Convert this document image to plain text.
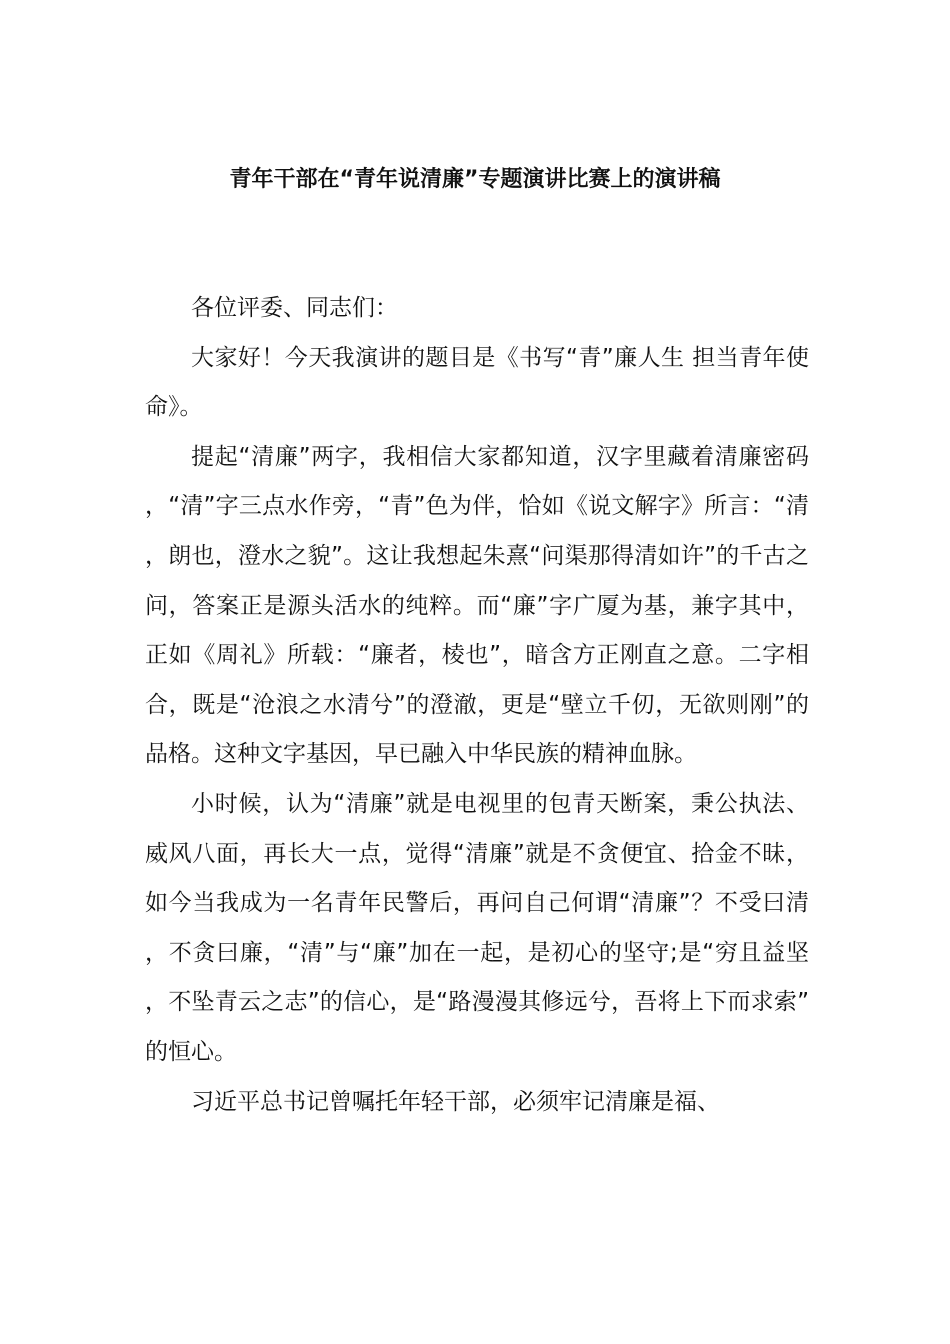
青年干部在“青年说清廉”专题演讲比赛上的演讲稿

各位评委、同志们：

大家好！今天我演讲的题目是《书写“青”廉人生 担当青年使命》。

提起“清廉”两字，我相信大家都知道，汉字里藏着清廉密码，“清”字三点水作旁，“青”色为伴，恰如《说文解字》所言：“清，朗也，澄水之貌”。这让我想起朱熹“问渠那得清如许”的千古之问，答案正是源头活水的纯粹。而“廉”字广厦为基，兼字其中，正如《周礼》所载：“廉者，棱也”，暗含方正刚直之意。二字相合，既是“沧浪之水清兮”的澄澈，更是“壁立千仞，无欲则刚”的品格。这种文字基因，早已融入中华民族的精神血脉。

小时候，认为“清廉”就是电视里的包青天断案，秉公执法、威风八面，再长大一点，觉得“清廉”就是不贪便宜、拾金不昧，如今当我成为一名青年民警后，再问自己何谓“清廉”？不受曰清，不贪曰廉，“清”与“廉”加在一起，是初心的坚守;是“穷且益坚，不坠青云之志”的信心，是“路漫漫其修远兮，吾将上下而求索”的恒心。

习近平总书记曾嘱托年轻干部，必须牢记清廉是福、
